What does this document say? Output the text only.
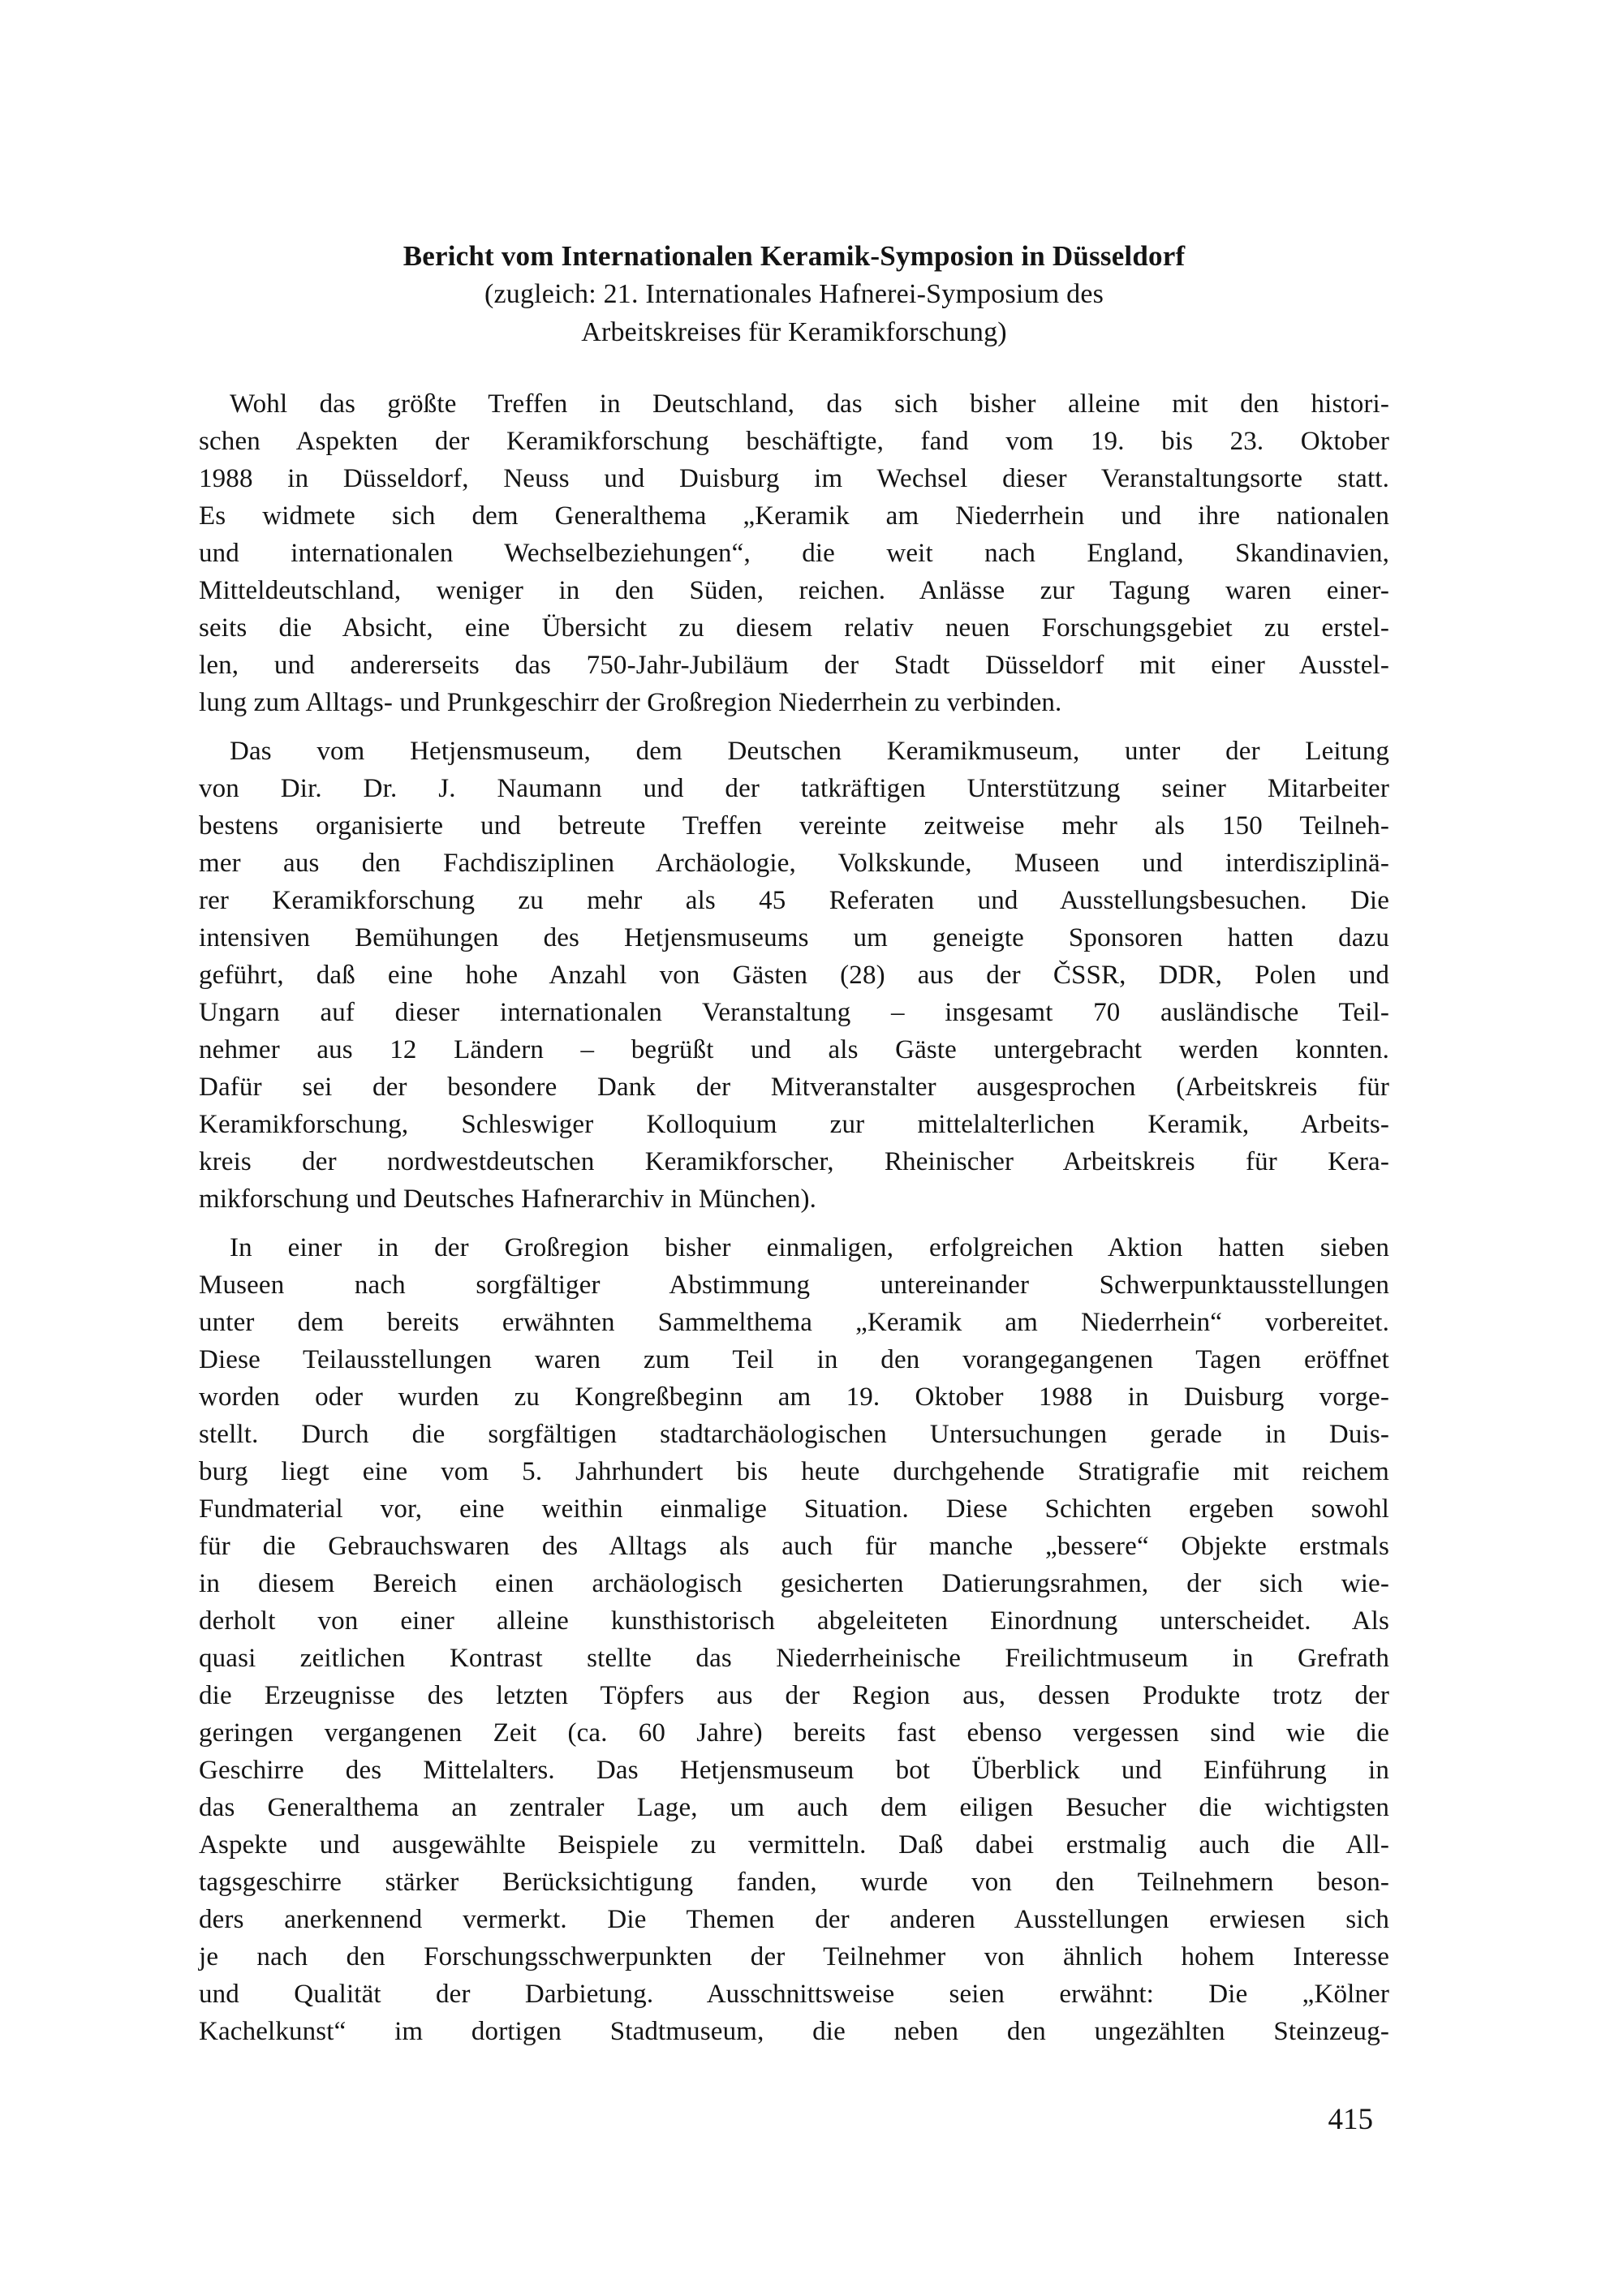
Bericht vom Internationalen Keramik-Symposion in Düsseldorf
(zugleich: 21. Internationales Hafnerei-Symposium des
Arbeitskreises für Keramikforschung)
Wohl das größte Treffen in Deutschland, das sich bisher alleine mit den histori-
schen Aspekten der Keramikforschung beschäftigte, fand vom 19. bis 23. Oktober
1988 in Düsseldorf, Neuss und Duisburg im Wechsel dieser Veranstaltungsorte statt.
Es widmete sich dem Generalthema „Keramik am Niederrhein und ihre nationalen
und internationalen Wechselbeziehungen“, die weit nach England, Skandinavien,
Mitteldeutschland, weniger in den Süden, reichen. Anlässe zur Tagung waren einer-
seits die Absicht, eine Übersicht zu diesem relativ neuen Forschungsgebiet zu erstel-
len, und andererseits das 750-Jahr-Jubiläum der Stadt Düsseldorf mit einer Ausstel-
lung zum Alltags- und Prunkgeschirr der Großregion Niederrhein zu verbinden.
Das vom Hetjensmuseum, dem Deutschen Keramikmuseum, unter der Leitung
von Dir. Dr. J. Naumann und der tatkräftigen Unterstützung seiner Mitarbeiter
bestens organisierte und betreute Treffen vereinte zeitweise mehr als 150 Teilneh-
mer aus den Fachdisziplinen Archäologie, Volkskunde, Museen und interdisziplinä-
rer Keramikforschung zu mehr als 45 Referaten und Ausstellungsbesuchen. Die
intensiven Bemühungen des Hetjensmuseums um geneigte Sponsoren hatten dazu
geführt, daß eine hohe Anzahl von Gästen (28) aus der ČSSR, DDR, Polen und
Ungarn auf dieser internationalen Veranstaltung – insgesamt 70 ausländische Teil-
nehmer aus 12 Ländern – begrüßt und als Gäste untergebracht werden konnten.
Dafür sei der besondere Dank der Mitveranstalter ausgesprochen (Arbeitskreis für
Keramikforschung, Schleswiger Kolloquium zur mittelalterlichen Keramik, Arbeits-
kreis der nordwestdeutschen Keramikforscher, Rheinischer Arbeitskreis für Kera-
mikforschung und Deutsches Hafnerarchiv in München).
In einer in der Großregion bisher einmaligen, erfolgreichen Aktion hatten sieben
Museen nach sorgfältiger Abstimmung untereinander Schwerpunktausstellungen
unter dem bereits erwähnten Sammelthema „Keramik am Niederrhein“ vorbereitet.
Diese Teilausstellungen waren zum Teil in den vorangegangenen Tagen eröffnet
worden oder wurden zu Kongreßbeginn am 19. Oktober 1988 in Duisburg vorge-
stellt. Durch die sorgfältigen stadtarchäologischen Untersuchungen gerade in Duis-
burg liegt eine vom 5. Jahrhundert bis heute durchgehende Stratigrafie mit reichem
Fundmaterial vor, eine weithin einmalige Situation. Diese Schichten ergeben sowohl
für die Gebrauchswaren des Alltags als auch für manche „bessere“ Objekte erstmals
in diesem Bereich einen archäologisch gesicherten Datierungsrahmen, der sich wie-
derholt von einer alleine kunsthistorisch abgeleiteten Einordnung unterscheidet. Als
quasi zeitlichen Kontrast stellte das Niederrheinische Freilichtmuseum in Grefrath
die Erzeugnisse des letzten Töpfers aus der Region aus, dessen Produkte trotz der
geringen vergangenen Zeit (ca. 60 Jahre) bereits fast ebenso vergessen sind wie die
Geschirre des Mittelalters. Das Hetjensmuseum bot Überblick und Einführung in
das Generalthema an zentraler Lage, um auch dem eiligen Besucher die wichtigsten
Aspekte und ausgewählte Beispiele zu vermitteln. Daß dabei erstmalig auch die All-
tagsgeschirre stärker Berücksichtigung fanden, wurde von den Teilnehmern beson-
ders anerkennend vermerkt. Die Themen der anderen Ausstellungen erwiesen sich
je nach den Forschungsschwerpunkten der Teilnehmer von ähnlich hohem Interesse
und Qualität der Darbietung. Ausschnittsweise seien erwähnt: Die „Kölner
Kachelkunst“ im dortigen Stadtmuseum, die neben den ungezählten Steinzeug-
415
